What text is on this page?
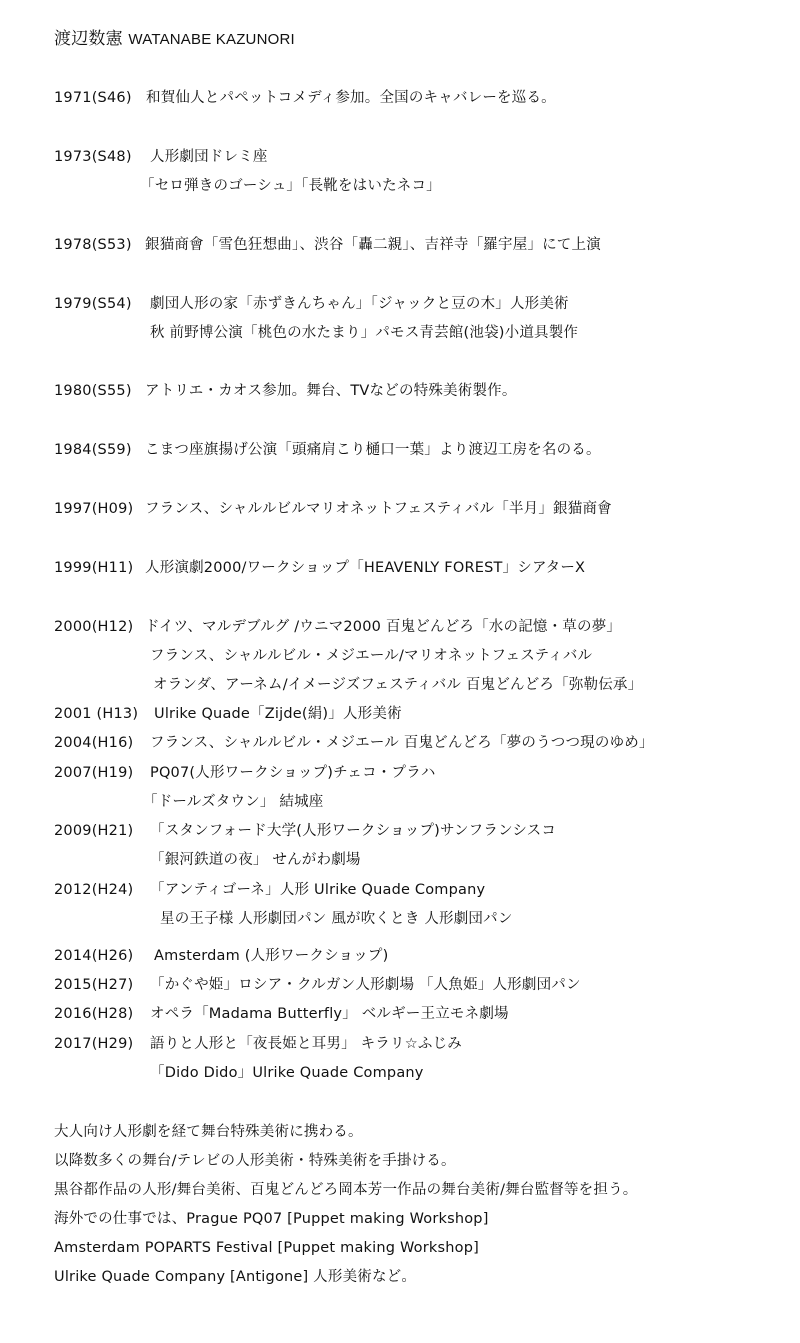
渡辺数憲 WATANABE KAZUNORI
1971(S46) 和賀仙人とパペットコメディ参加。全国のキャバレーを巡る。
1973(S48) 人形劇団ドレミ座
「セロ弾きのゴーシュ」「長靴をはいたネコ」
1978(S53) 銀猫商會「雪色狂想曲」、渋谷「轟二親」、吉祥寺「羅宇屋」にて上演
1979(S54) 劇団人形の家「赤ずきんちゃん」「ジャックと豆の木」人形美術
秋 前野博公演「桃色の水たまり」パモス青芸館(池袋)小道具製作
1980(S55) アトリエ・カオス参加。舞台、TVなどの特殊美術製作。
1984(S59) こまつ座旗揚げ公演「頭痛肩こり樋口一葉」より渡辺工房を名のる。
1997(H09) フランス、シャルルビルマリオネットフェスティバル「半月」銀猫商會
1999(H11) 人形演劇2000/ワークショップ「HEAVENLY FOREST」シアターX
2000(H12) ドイツ、マルデブルグ /ウニマ2000 百鬼どんどろ「水の記憶・草の夢」
フランス、シャルルビル・メジエール/マリオネットフェスティバル
オランダ、アーネム/イメージズフェスティバル 百鬼どんどろ「弥勒伝承」
2001 (H13) Ulrike Quade「Zijde(絹)」人形美術
2004(H16) フランス、シャルルビル・メジエール 百鬼どんどろ「夢のうつつ現のゆめ」
2007(H19) PQ07(人形ワークショップ)チェコ・プラハ
「ドールズタウン」 結城座
2009(H21) 「スタンフォード大学(人形ワークショップ)サンフランシスコ
「銀河鉄道の夜」 せんがわ劇場
2012(H24) 「アンティゴーネ」人形 Ulrike Quade Company
星の王子様 人形劇団パン 風が吹くとき 人形劇団パン
2014(H26) Amsterdam (人形ワークショップ)
2015(H27) 「かぐや姫」ロシア・クルガン人形劇場 「人魚姫」人形劇団パン
2016(H28) オペラ「Madama Butterfly」 ベルギー王立モネ劇場
2017(H29) 語りと人形と「夜長姫と耳男」 キラリ☆ふじみ
「Dido Dido」Ulrike Quade Company
大人向け人形劇を経て舞台特殊美術に携わる。
以降数多くの舞台/テレビの人形美術・特殊美術を手掛ける。
黒谷都作品の人形/舞台美術、百鬼どんどろ岡本芳一作品の舞台美術/舞台監督等を担う。
海外での仕事では、Prague PQ07 [Puppet making Workshop]
Amsterdam POPARTS Festival [Puppet making Workshop]
Ulrike Quade Company [Antigone] 人形美術など。
